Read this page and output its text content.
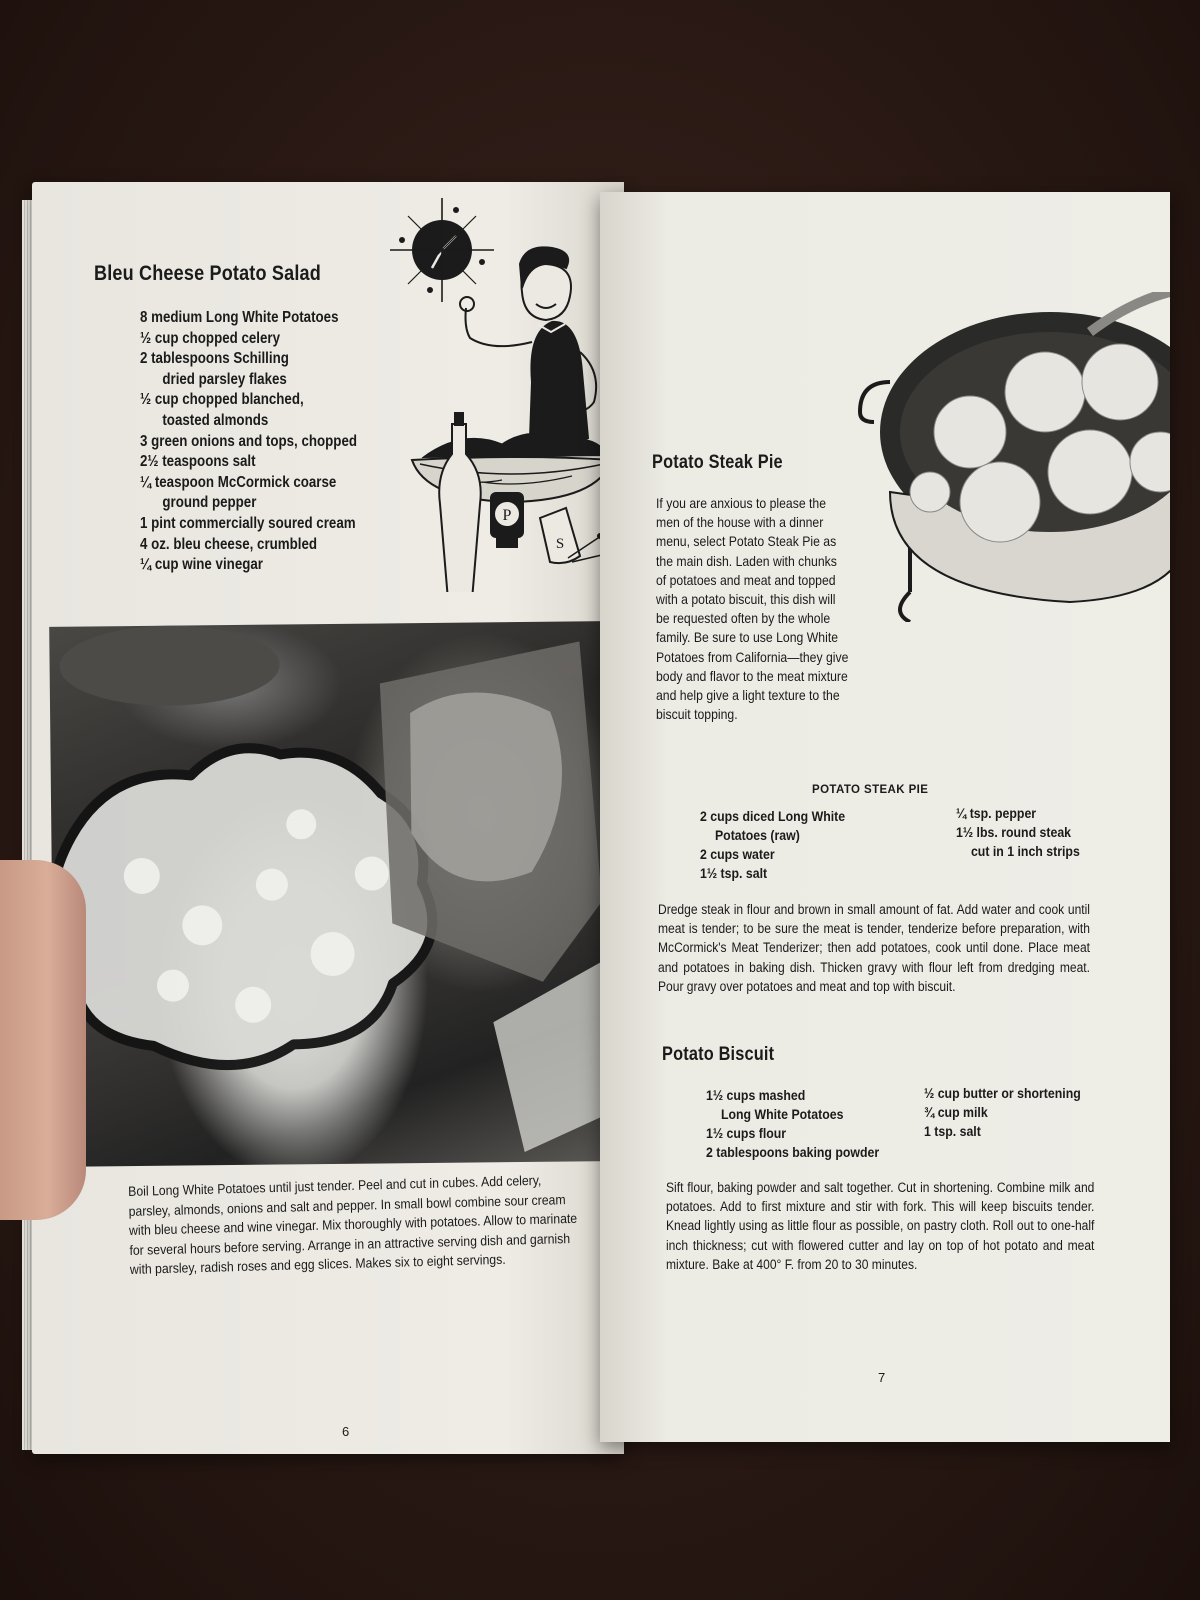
Bleu Cheese Potato Salad
8 medium Long White Potatoes
½ cup chopped celery
2 tablespoons Schilling
dried parsley flakes
½ cup chopped blanched,
toasted almonds
3 green onions and tops, chopped
2½ teaspoons salt
¼ teaspoon McCormick coarse
ground pepper
1 pint commercially soured cream
4 oz. bleu cheese, crumbled
¼ cup wine vinegar
P
S

Boil Long White Potatoes until just tender. Peel and cut in cubes. Add celery, parsley, almonds, onions and salt and pepper. In small bowl combine sour cream with bleu cheese and wine vinegar. Mix thoroughly with potatoes. Allow to marinate for several hours before serving. Arrange in an attractive serving dish and garnish with parsley, radish roses and egg slices. Makes six to eight servings.

6
Potato Steak Pie

If you are anxious to please the men of the house with a dinner menu, select Potato Steak Pie as the main dish. Laden with chunks of potatoes and meat and topped with a potato biscuit, this dish will be requested often by the whole family. Be sure to use Long White Potatoes from California—they give body and flavor to the meat mixture and help give a light texture to the biscuit topping.

POTATO STEAK PIE
2 cups diced Long White
Potatoes (raw)
2 cups water
1½ tsp. salt
¼ tsp. pepper
1½ lbs. round steak
cut in 1 inch strips

Dredge steak in flour and brown in small amount of fat. Add water and cook until meat is tender; to be sure the meat is tender, tenderize before preparation, with McCormick's Meat Tenderizer; then add potatoes, cook until done. Place meat and potatoes in baking dish. Thicken gravy with flour left from dredging meat. Pour gravy over potatoes and meat and top with biscuit.

Potato Biscuit
1½ cups mashed
Long White Potatoes
1½ cups flour
2 tablespoons baking powder
½ cup butter or shortening
¾ cup milk
1 tsp. salt

Sift flour, baking powder and salt together. Cut in shortening. Combine milk and potatoes. Add to first mixture and stir with fork. This will keep biscuits tender. Knead lightly using as little flour as possible, on pastry cloth. Roll out to one-half inch thickness; cut with flowered cutter and lay on top of hot potato and meat mixture. Bake at 400° F. from 20 to 30 minutes.

7
